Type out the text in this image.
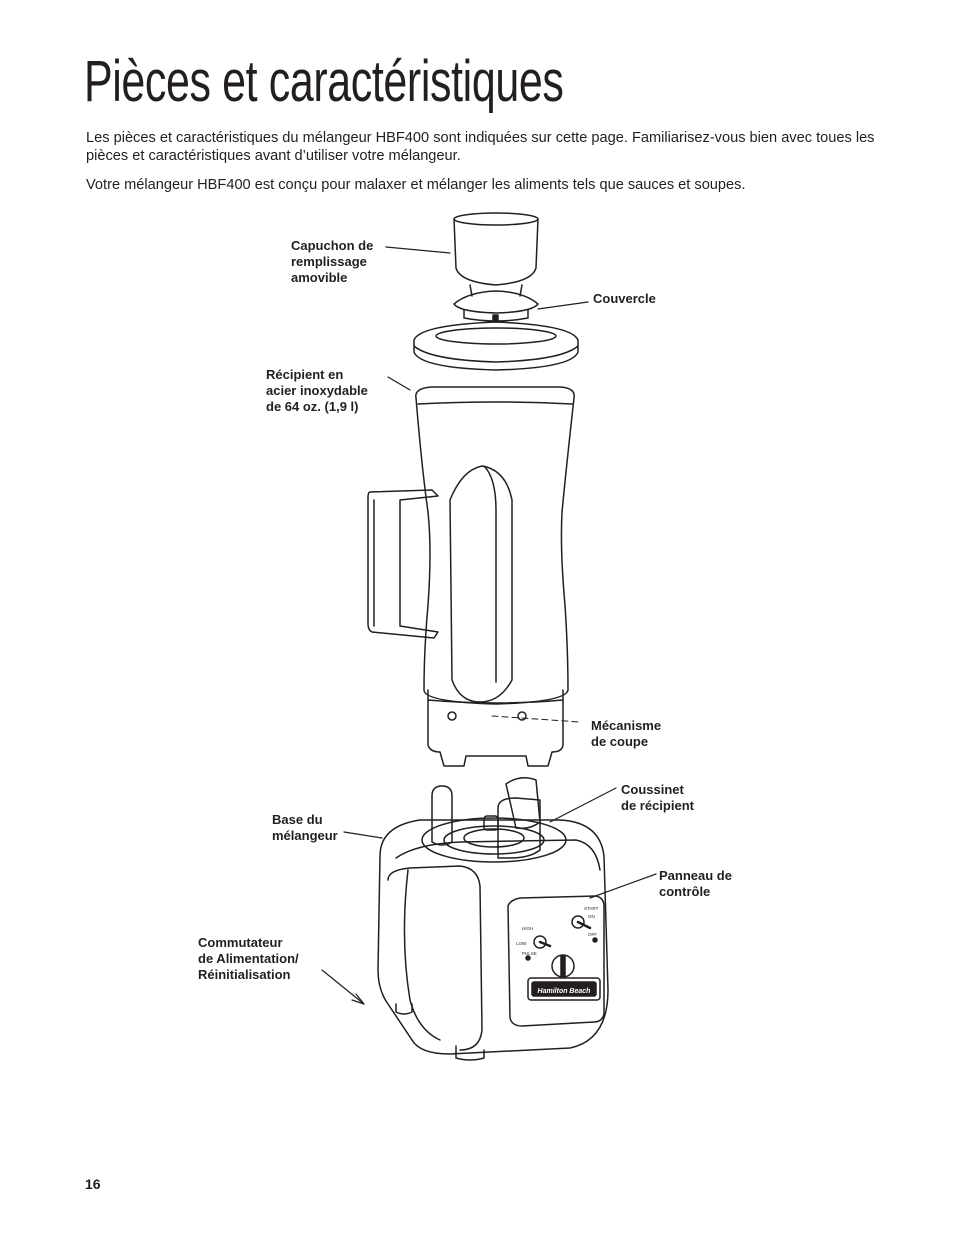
Pièces et caractéristiques

Les pièces et caractéristiques du mélangeur HBF400 sont indiquées sur cette page. Familiarisez-vous bien avec toues les pièces et caractéristiques avant d’utiliser votre mélangeur.

Votre mélangeur HBF400 est conçu pour malaxer et mélanger les aliments tels que sauces et soupes.

Capuchon de
remplissage
amovible
Couvercle
Récipient en
acier inoxydable
de 64 oz. (1,9 l)
Mécanisme
de coupe
Coussinet
de récipient
Base du
mélangeur
Panneau de
contrôle
Commutateur
de Alimentation/
Réinitialisation
Hamilton Beach
HIGH
LOW
PULSE
START
ON
OFF
16
